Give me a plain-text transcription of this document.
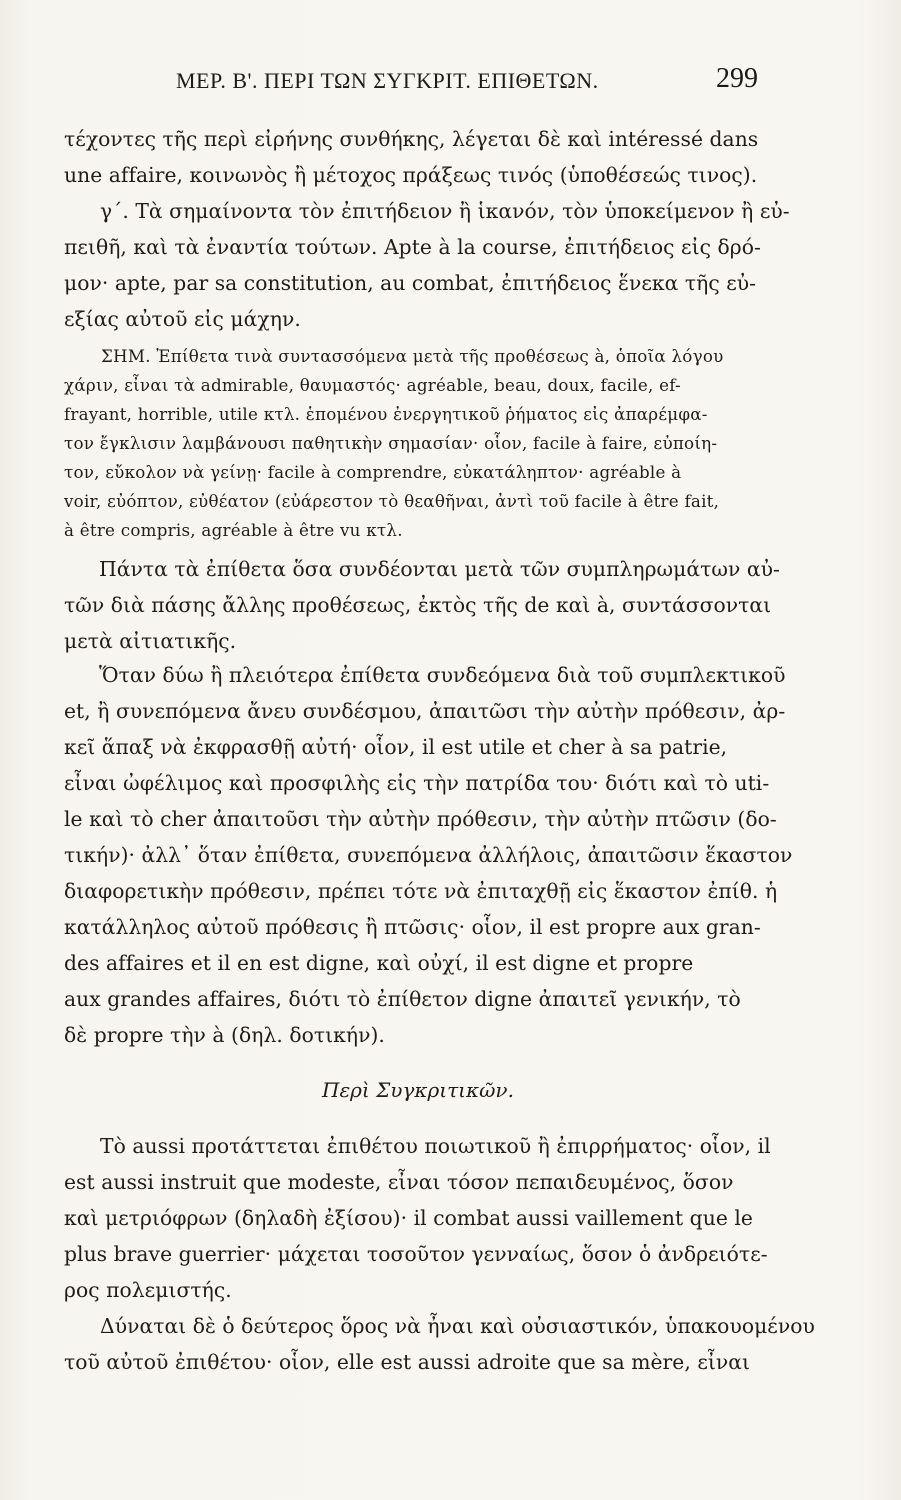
ΜΕΡ. Β'. ΠΕΡΙ ΤΩΝ ΣΥΓΚΡΙΤ. ΕΠΙΘΕΤΩΝ.	299
τέχοντες τῆς περὶ εἰρήνης συνθήκης, λέγεται δὲ καὶ intéressé dans
une affaire, κοινωνὸς ἢ μέτοχος πράξεως τινός (ὑποθέσεώς τινος).
γ΄. Τὰ σημαίνοντα τὸν ἐπιτήδειον ἢ ἱκανόν, τὸν ὑποκείμενον ἢ εὐ-
πειθῆ, καὶ τὰ ἐναντία τούτων. Apte à la course, ἐπιτήδειος εἰς δρό-
μον· apte, par sa constitution, au combat, ἐπιτήδειος ἕνεκα τῆς εὐ-
εξίας αὐτοῦ εἰς μάχην.
ΣΗΜ. Ἐπίθετα τινὰ συντασσόμενα μετὰ τῆς προθέσεως à, ὁποῖα λόγου
χάριν, εἶναι τὰ admirable, θαυμαστός· agréable, beau, doux, facile, ef-
frayant, horrible, utile κτλ. ἑπομένου ἐνεργητικοῦ ῥήματος εἰς ἀπαρέμφα-
τον ἔγκλισιν λαμβάνουσι παθητικὴν σημασίαν· οἷον, facile à faire, εὐποίη-
τον, εὔκολον νὰ γείνῃ· facile à comprendre, εὐκατάληπτον· agréable à
voir, εὐόπτον, εὐθέατον (εὐάρεστον τὸ θεαθῆναι, ἀντὶ τοῦ facile à être fait,
à être compris, agréable à être vu κτλ.
Πάντα τὰ ἐπίθετα ὅσα συνδέονται μετὰ τῶν συμπληρωμάτων αὐ-
τῶν διὰ πάσης ἄλλης προθέσεως, ἐκτὸς τῆς de καὶ à, συντάσσονται
μετὰ αἰτιατικῆς.
Ὅταν δύω ἢ πλειότερα ἐπίθετα συνδεόμενα διὰ τοῦ συμπλεκτικοῦ
et, ἢ συνεπόμενα ἄνευ συνδέσμου, ἀπαιτῶσι τὴν αὐτὴν πρόθεσιν, ἀρ-
κεῖ ἅπαξ νὰ ἐκφρασθῇ αὐτή· οἷον, il est utile et cher à sa patrie,
εἶναι ὠφέλιμος καὶ προσφιλὴς εἰς τὴν πατρίδα του· διότι καὶ τὸ uti-
le καὶ τὸ cher ἀπαιτοῦσι τὴν αὐτὴν πρόθεσιν, τὴν αὐτὴν πτῶσιν (δο-
τικήν)· ἀλλ᾽ ὅταν ἐπίθετα, συνεπόμενα ἀλλήλοις, ἀπαιτῶσιν ἕκαστον
διαφορετικὴν πρόθεσιν, πρέπει τότε νὰ ἐπιταχθῇ εἰς ἕκαστον ἐπίθ. ἡ
κατάλληλος αὐτοῦ πρόθεσις ἢ πτῶσις· οἷον, il est propre aux gran-
des affaires et il en est digne, καὶ οὐχί, il est digne et propre
aux grandes affaires, διότι τὸ ἐπίθετον digne ἀπαιτεῖ γενικήν, τὸ
δὲ propre τὴν à (δηλ. δοτικήν).
Περὶ Συγκριτικῶν.
Τὸ aussi προτάττεται ἐπιθέτου ποιωτικοῦ ἢ ἐπιρρήματος· οἷον, il
est aussi instruit que modeste, εἶναι τόσον πεπαιδευμένος, ὅσον
καὶ μετριόφρων (δηλαδὴ ἐξίσου)· il combat aussi vaillement que le
plus brave guerrier· μάχεται τοσοῦτον γενναίως, ὅσον ὁ ἀνδρειότε-
ρος πολεμιστής.
Δύναται δὲ ὁ δεύτερος ὅρος νὰ ἦναι καὶ οὐσιαστικόν, ὑπακουομένου
τοῦ αὐτοῦ ἐπιθέτου· οἷον, elle est aussi adroite que sa mère, εἶναι
